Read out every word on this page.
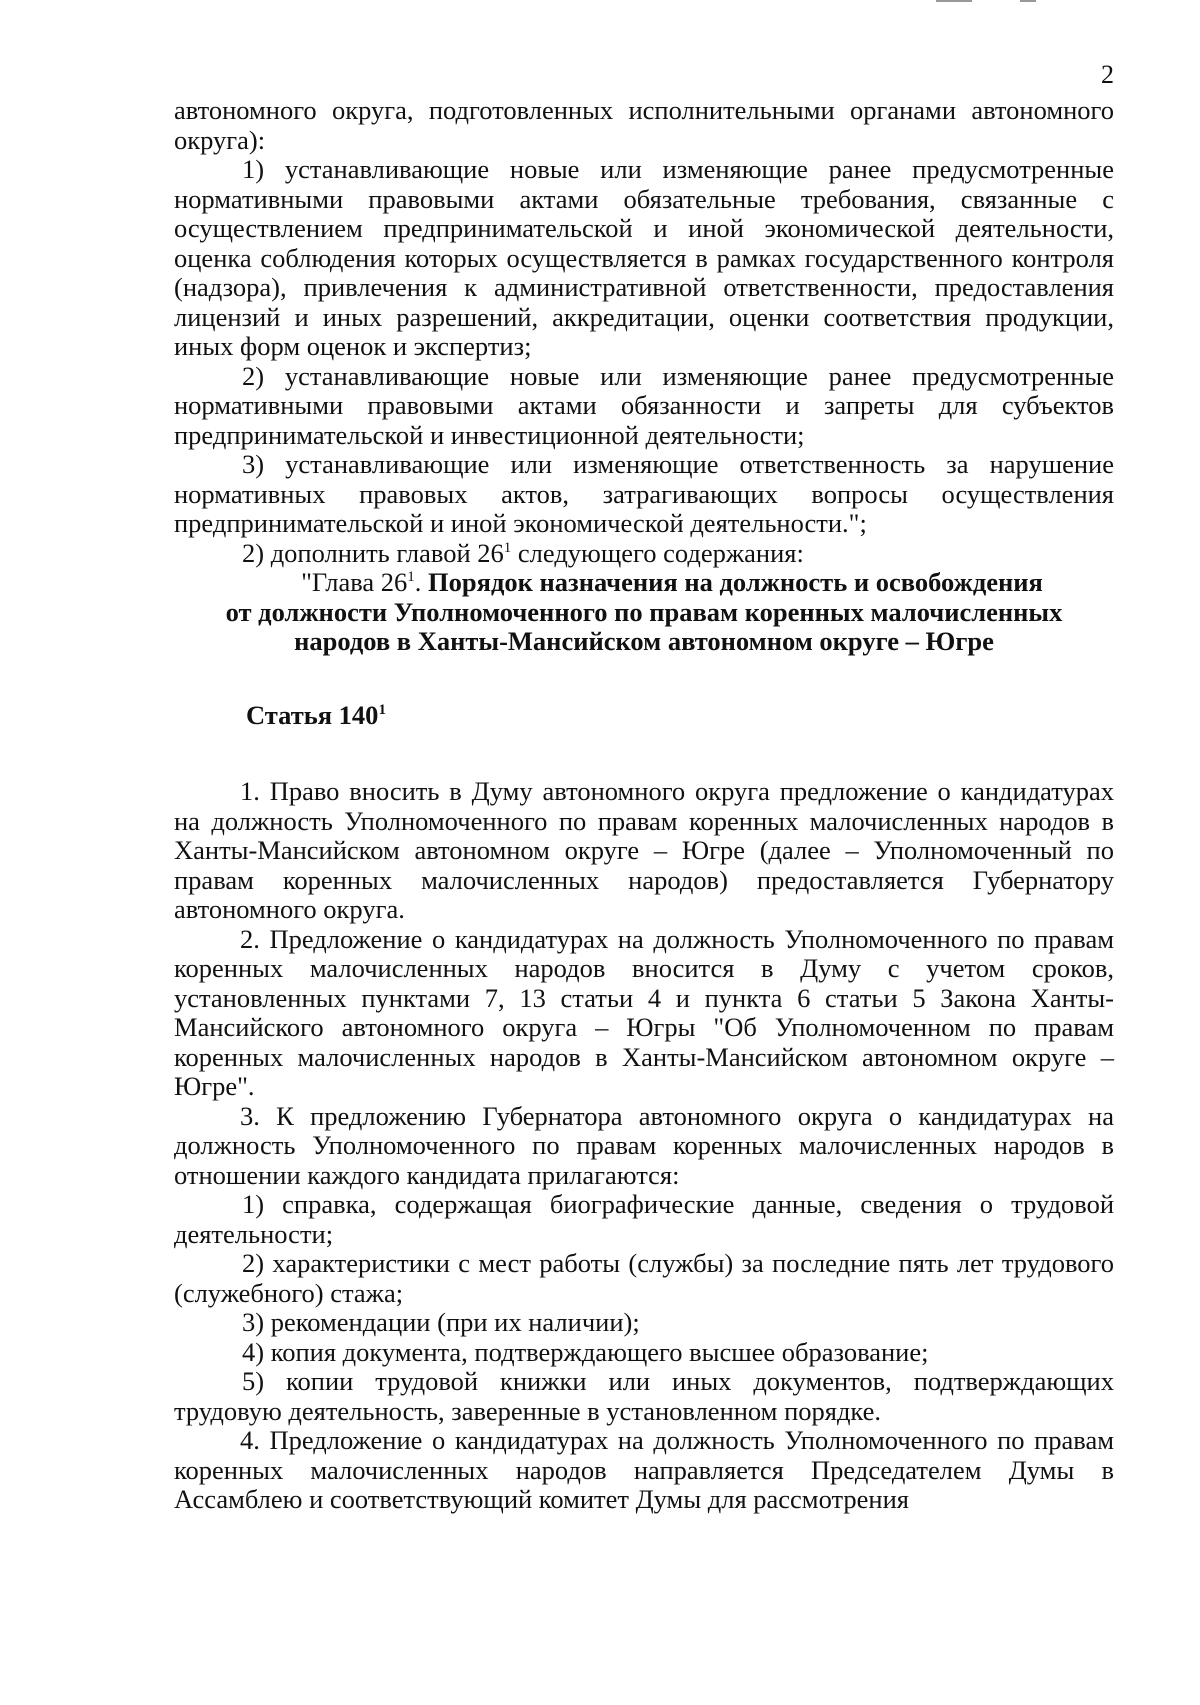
2

автономного округа, подготовленных исполнительными органами автономного округа):

1) устанавливающие новые или изменяющие ранее предусмотренные нормативными правовыми актами обязательные требования, связанные с осуществлением предпринимательской и иной экономической деятельности, оценка соблюдения которых осуществляется в рамках государственного контроля (надзора), привлечения к административной ответственности, предоставления лицензий и иных разрешений, аккредитации, оценки соответствия продукции, иных форм оценок и экспертиз;

2) устанавливающие новые или изменяющие ранее предусмотренные нормативными правовыми актами обязанности и запреты для субъектов предпринимательской и инвестиционной деятельности;

3) устанавливающие или изменяющие ответственность за нарушение нормативных правовых актов, затрагивающих вопросы осуществления предпринимательской и иной экономической деятельности.";

2) дополнить главой $26^1$ следующего содержания:

"Глава $26^1$. Порядок назначения на должность и освобождения

от должности Уполномоченного по правам коренных малочисленных

народов в Ханты-Мансийском автономном округе – Югре

Статья $140^1$

1. Право вносить в Думу автономного округа предложение о кандидатурах на должность Уполномоченного по правам коренных малочисленных народов в Ханты-Мансийском автономном округе – Югре (далее – Уполномоченный по правам коренных малочисленных народов) предоставляется Губернатору автономного округа.

2. Предложение о кандидатурах на должность Уполномоченного по правам коренных малочисленных народов вносится в Думу с учетом сроков, установленных пунктами 7, 13 статьи 4 и пункта 6 статьи 5 Закона Ханты-Мансийского автономного округа – Югры "Об Уполномоченном по правам коренных малочисленных народов в Ханты-Мансийском автономном округе – Югре".

3. К предложению Губернатора автономного округа о кандидатурах на должность Уполномоченного по правам коренных малочисленных народов в отношении каждого кандидата прилагаются:

1) справка, содержащая биографические данные, сведения о трудовой деятельности;

2) характеристики с мест работы (службы) за последние пять лет трудового (служебного) стажа;

3) рекомендации (при их наличии);

4) копия документа, подтверждающего высшее образование;

5) копии трудовой книжки или иных документов, подтверждающих трудовую деятельность, заверенные в установленном порядке.

4. Предложение о кандидатурах на должность Уполномоченного по правам коренных малочисленных народов направляется Председателем Думы в Ассамблею и соответствующий комитет Думы для рассмотрения
